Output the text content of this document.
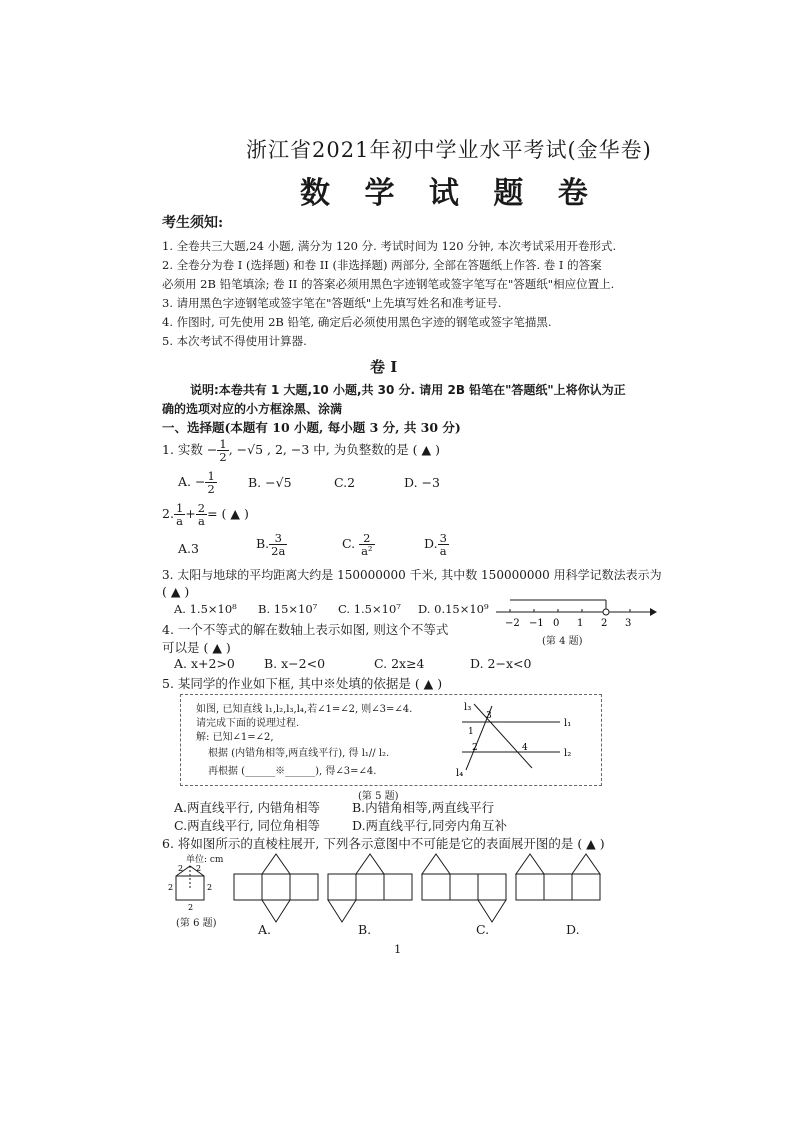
浙江省2021年初中学业水平考试(金华卷)
数 学 试 题 卷
考生须知:
1. 全卷共三大题,24 小题, 满分为 120 分. 考试时间为 120 分钟, 本次考试采用开卷形式.
2. 全卷分为卷 I (选择题) 和卷 II (非选择题) 两部分, 全部在答题纸上作答. 卷 I 的答案
必须用 2B 铅笔填涂; 卷 II 的答案必须用黑色字迹钢笔或签字笔写在"答题纸"相应位置上.
3. 请用黑色字迹钢笔或签字笔在"答题纸"上先填写姓名和准考证号.
4. 作图时, 可先使用 2B 铅笔, 确定后必须使用黑色字迹的钢笔或签字笔描黑.
5. 本次考试不得使用计算器.
卷 Ⅰ
说明:本卷共有 1 大题,10 小题,共 30 分. 请用 2B 铅笔在"答题纸"上将你认为正
确的选项对应的小方框涂黑、涂满
一、选择题(本题有 10 小题, 每小题 3 分, 共 30 分)
1. 实数 − $\frac{1}{2}$ , −√5 , 2, −3 中, 为负整数的是 ( ▲ )
A. − $\frac{1}{2} B$. −√5	C.2	D. −3
2. $\frac{1}{a} + \frac{2}{a}$ = ( ▲ )
A.3	B. $\frac{3}{2a}$	C. $\frac{2}{\text{a²}}$	D. $\frac{3}{a}$
3. 太阳与地球的平均距离大约是 150000000 千米, 其中数 150000000 用科学记数法表示为
( ▲ )
A. 1.5×10⁸ B. 15×10⁷ C. 1.5×10⁷ D. 0.15×10⁹
−2 −1 0 1 2 3
(第 4 题)
4. 一个不等式的解在数轴上表示如图, 则这个不等式
可以是 ( ▲ )
A. x+2>0 B. x−2<0	C. 2x≥4	D. 2−x<0
5. 某同学的作业如下框, 其中※处填的依据是 ( ▲ )
如图, 已知直线 l₁,l₂,l₃,l₄,若∠1=∠2, 则∠3=∠4.
请完成下面的说理过程.
解: 已知∠1=∠2,
根据 (内错角相等,两直线平行), 得 l₁// l₂.
再根据 (______※______), 得∠3=∠4.
l₃
3
l₁
1
2	4	l₂
l₄
(第 5 题)
A.两直线平行, 内错角相等	B.内错角相等,两直线平行
C.两直线平行, 同位角相等	D.两直线平行,同旁内角互补
6. 将如图所示的直棱柱展开, 下列各示意图中不可能是它的表面展开图的是 ( ▲ )
单位: cm
2 2
2	2
2
(第 6 题)	A.	B.	C.	D.
1
